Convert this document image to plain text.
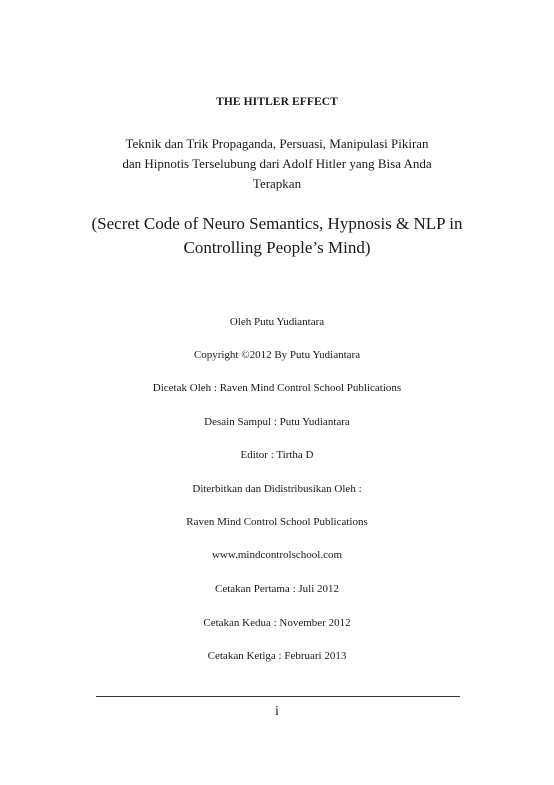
THE HITLER EFFECT
Teknik dan Trik Propaganda, Persuasi, Manipulasi Pikiran
dan Hipnotis Terselubung dari Adolf Hitler yang Bisa Anda
Terapkan
(Secret Code of Neuro Semantics, Hypnosis & NLP in
Controlling People’s Mind)
Oleh Putu Yudiantara
Copyright ©2012 By Putu Yudiantara
Dicetak Oleh : Raven Mind Control School Publications
Desain Sampul : Putu Yudiantara
Editor : Tirtha D
Diterbitkan dan Didistribusikan Oleh :
Raven Mind Control School Publications
www.mindcontrolschool.com
Cetakan Pertama : Juli 2012
Cetakan Kedua : November 2012
Cetakan Ketiga : Februari 2013
i
